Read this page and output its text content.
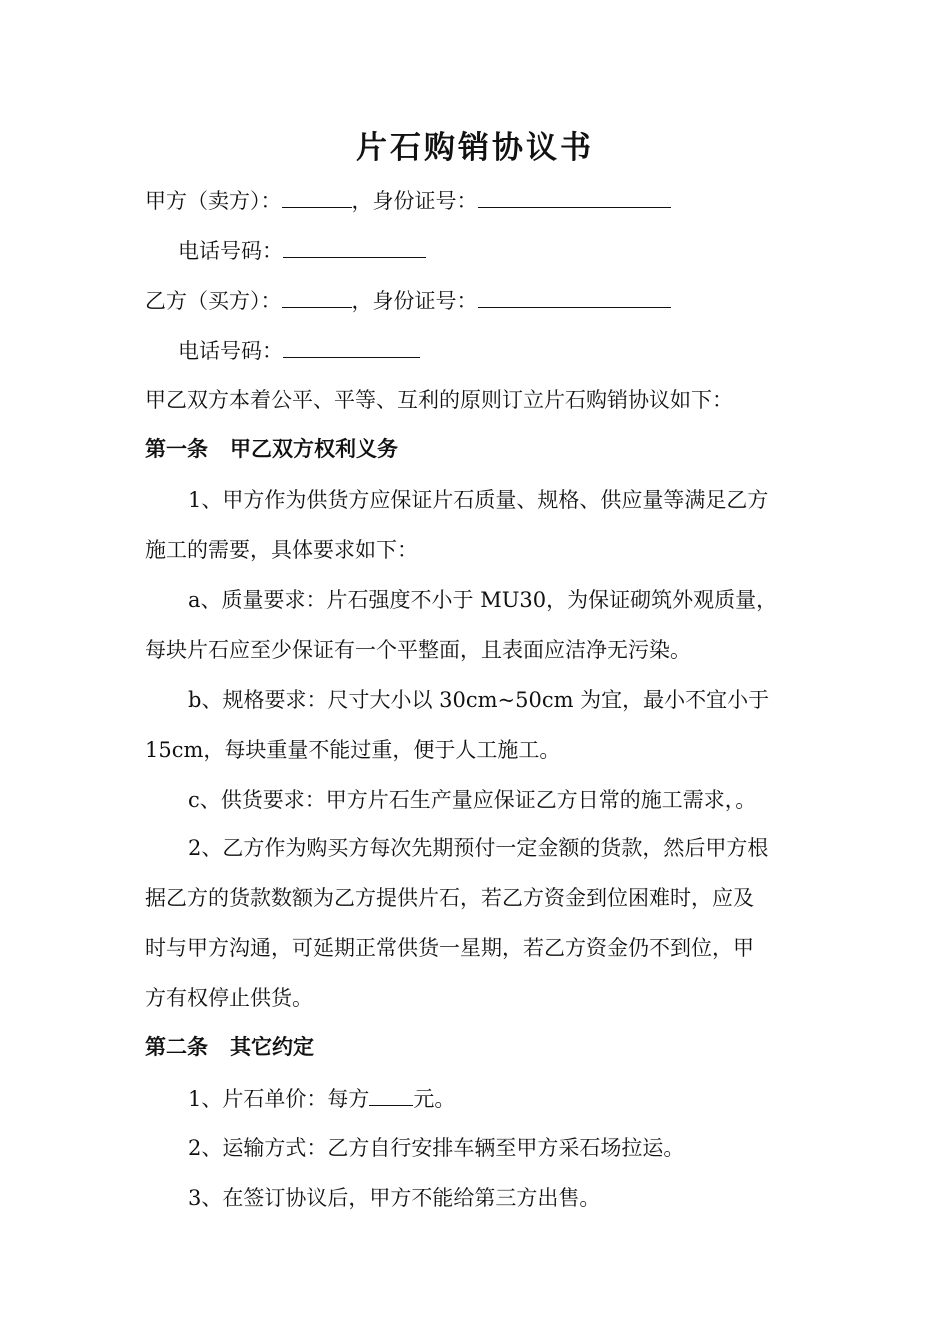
片石购销协议书
甲方（卖方）：	，身份证号：
电话号码：
乙方（买方）：	，身份证号：
电话号码：
甲乙双方本着公平、平等、互利的原则订立片石购销协议如下：
第一条 甲乙双方权利义务
1、甲方作为供货方应保证片石质量、规格、供应量等满足乙方
施工的需要，具体要求如下：
a、质量要求：片石强度不小于 MU30，为保证砌筑外观质量，
每块片石应至少保证有一个平整面，且表面应洁净无污染。
b、规格要求：尺寸大小以 30cm~50cm 为宜，最小不宜小于
15cm，每块重量不能过重，便于人工施工。
c、供货要求：甲方片石生产量应保证乙方日常的施工需求，。
2、乙方作为购买方每次先期预付一定金额的货款，然后甲方根
据乙方的货款数额为乙方提供片石，若乙方资金到位困难时，应及
时与甲方沟通，可延期正常供货一星期，若乙方资金仍不到位，甲
方有权停止供货。
第二条 其它约定
1、片石单价：每方 元。
2、运输方式：乙方自行安排车辆至甲方采石场拉运。
3、在签订协议后，甲方不能给第三方出售。
